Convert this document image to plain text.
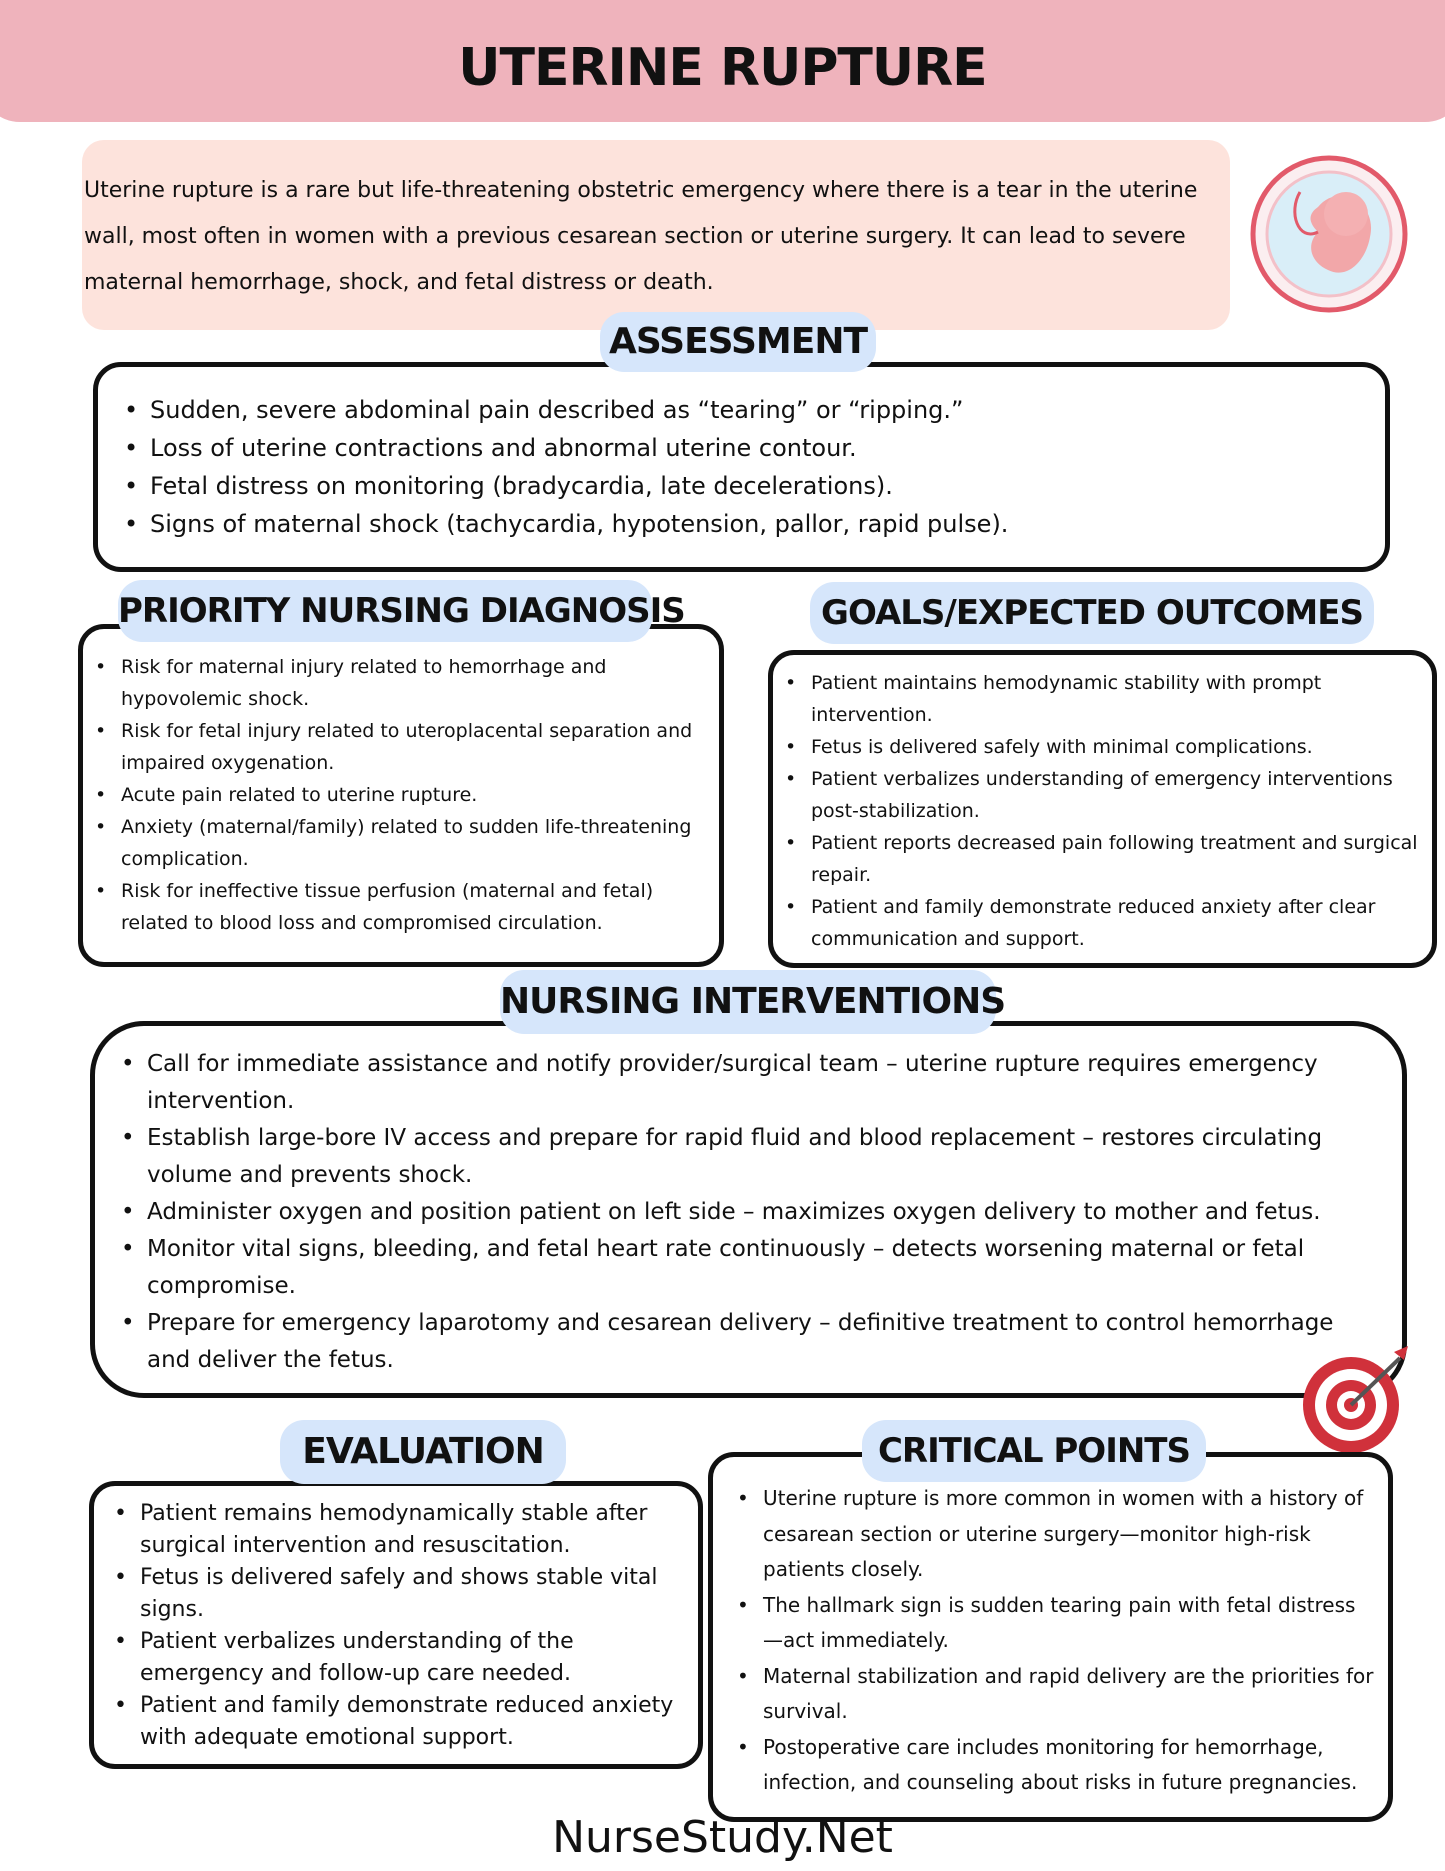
UTERINE RUPTURE

Uterine rupture is a rare but life-threatening obstetric emergency where there is a tear in the uterine wall, most often in women with a previous cesarean section or uterine surgery. It can lead to severe maternal hemorrhage, shock, and fetal distress or death.

• Sudden, severe abdominal pain described as “tearing” or “ripping.”
• Loss of uterine contractions and abnormal uterine contour.
• Fetal distress on monitoring (bradycardia, late decelerations).
• Signs of maternal shock (tachycardia, hypotension, pallor, rapid pulse).
ASSESSMENT
• Risk for maternal injury related to hemorrhage and hypovolemic shock.
• Risk for fetal injury related to uteroplacental separation and impaired oxygenation.
• Acute pain related to uterine rupture.
• Anxiety (maternal/family) related to sudden life-threatening complication.
• Risk for ineffective tissue perfusion (maternal and fetal) related to blood loss and compromised circulation.
PRIORITY NURSING DIAGNOSIS
• Patient maintains hemodynamic stability with prompt intervention.
• Fetus is delivered safely with minimal complications.
• Patient verbalizes understanding of emergency interventions post-stabilization.
• Patient reports decreased pain following treatment and surgical repair.
• Patient and family demonstrate reduced anxiety after clear communication and support.
GOALS/EXPECTED OUTCOMES
• Call for immediate assistance and notify provider/surgical team – uterine rupture requires emergency intervention.
• Establish large-bore IV access and prepare for rapid fluid and blood replacement – restores circulating volume and prevents shock.
• Administer oxygen and position patient on left side – maximizes oxygen delivery to mother and fetus.
• Monitor vital signs, bleeding, and fetal heart rate continuously – detects worsening maternal or fetal compromise.
• Prepare for emergency laparotomy and cesarean delivery – definitive treatment to control hemorrhage and deliver the fetus.
NURSING INTERVENTIONS
• Patient remains hemodynamically stable after surgical intervention and resuscitation.
• Fetus is delivered safely and shows stable vital signs.
• Patient verbalizes understanding of the emergency and follow-up care needed.
• Patient and family demonstrate reduced anxiety with adequate emotional support.
EVALUATION
• Uterine rupture is more common in women with a history of cesarean section or uterine surgery—monitor high-risk patients closely.
• The hallmark sign is sudden tearing pain with fetal distress—act immediately.
• Maternal stabilization and rapid delivery are the priorities for survival.
• Postoperative care includes monitoring for hemorrhage, infection, and counseling about risks in future pregnancies.
CRITICAL POINTS
NurseStudy.Net
